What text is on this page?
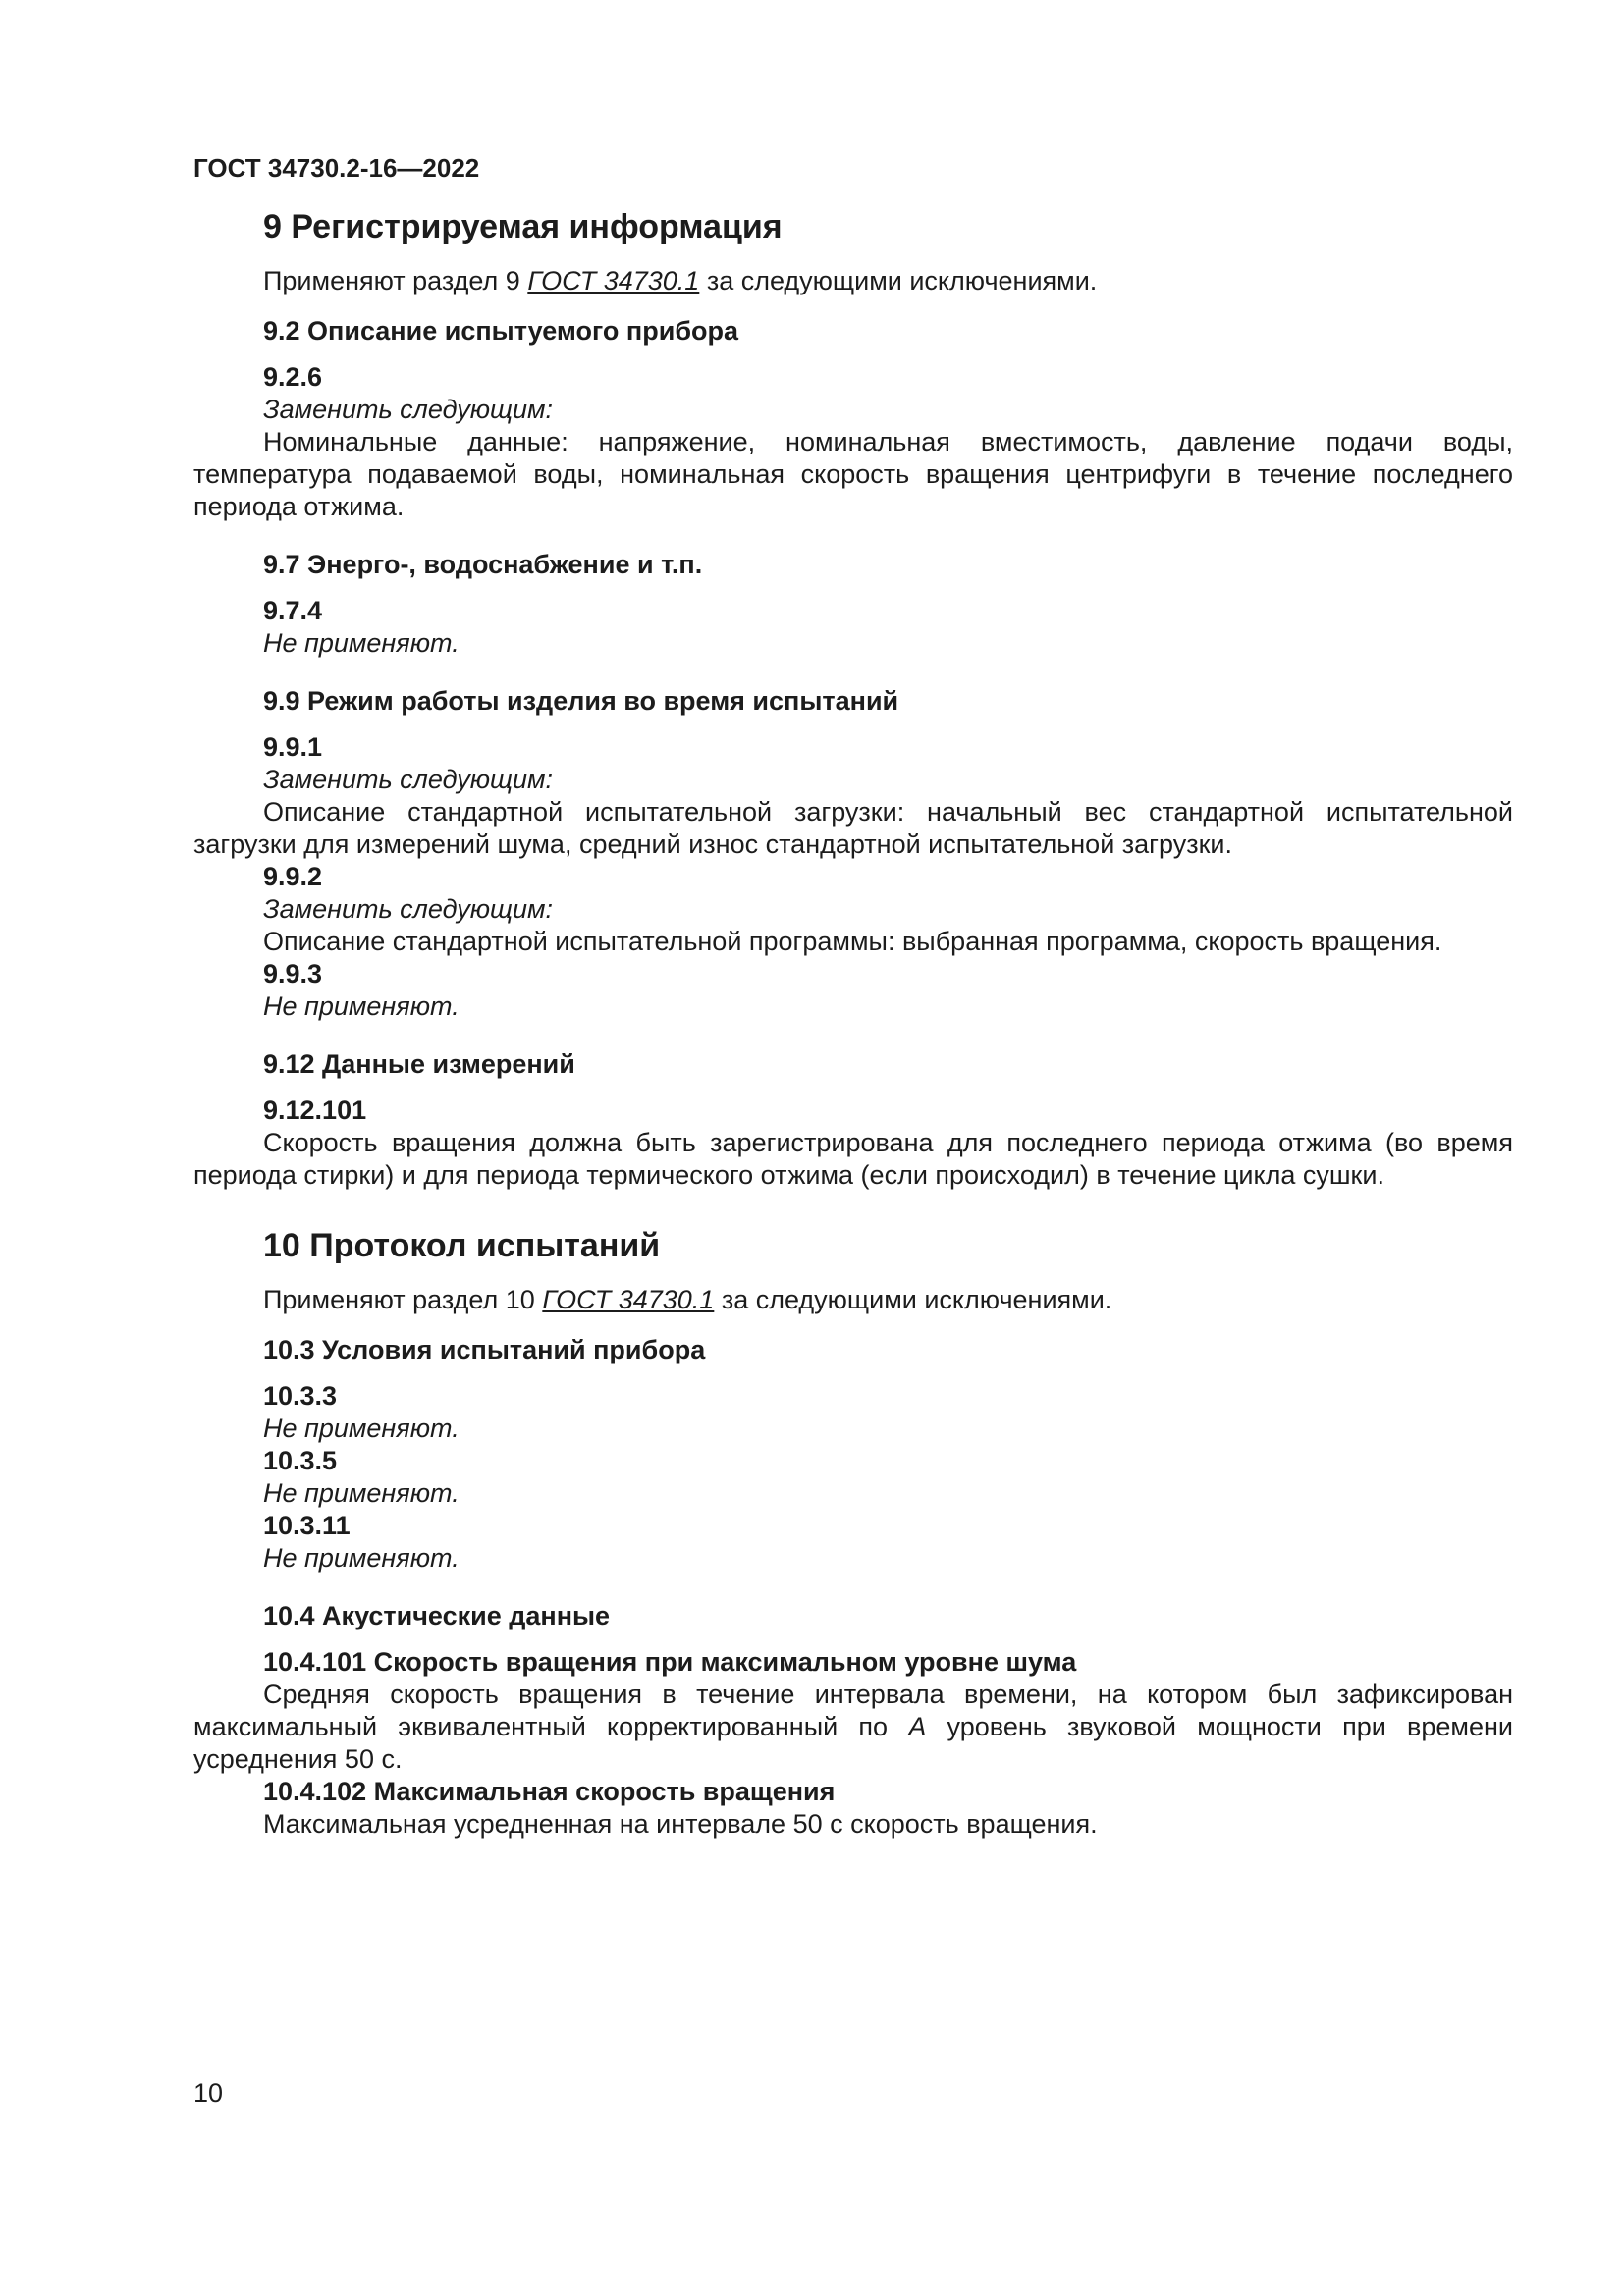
ГОСТ 34730.2-16—2022
9 Регистрируемая информация

Применяют раздел 9 ГОСТ 34730.1 за следующими исключениями.

9.2 Описание испытуемого прибора
9.2.6
Заменить следующим:

Номинальные данные: напряжение, номинальная вместимость, давление подачи воды, температура подаваемой воды, номинальная скорость вращения центрифуги в течение последнего периода отжима.

9.7 Энерго-, водоснабжение и т.п.
9.7.4
Не применяют.
9.9 Режим работы изделия во время испытаний
9.9.1
Заменить следующим:

Описание стандартной испытательной загрузки: начальный вес стандартной испытательной загрузки для измерений шума, средний износ стандартной испытательной загрузки.

9.9.2
Заменить следующим:

Описание стандартной испытательной программы: выбранная программа, скорость вращения.

9.9.3
Не применяют.
9.12 Данные измерений
9.12.101

Скорость вращения должна быть зарегистрирована для последнего периода отжима (во время периода стирки) и для периода термического отжима (если происходил) в течение цикла сушки.

10 Протокол испытаний

Применяют раздел 10 ГОСТ 34730.1 за следующими исключениями.

10.3 Условия испытаний прибора
10.3.3
Не применяют.
10.3.5
Не применяют.
10.3.11
Не применяют.
10.4 Акустические данные
10.4.101 Скорость вращения при максимальном уровне шума

Средняя скорость вращения в течение интервала времени, на котором был зафиксирован максимальный эквивалентный корректированный по А уровень звуковой мощности при времени усреднения 50 с.

10.4.102 Максимальная скорость вращения

Максимальная усредненная на интервале 50 с скорость вращения.

10
